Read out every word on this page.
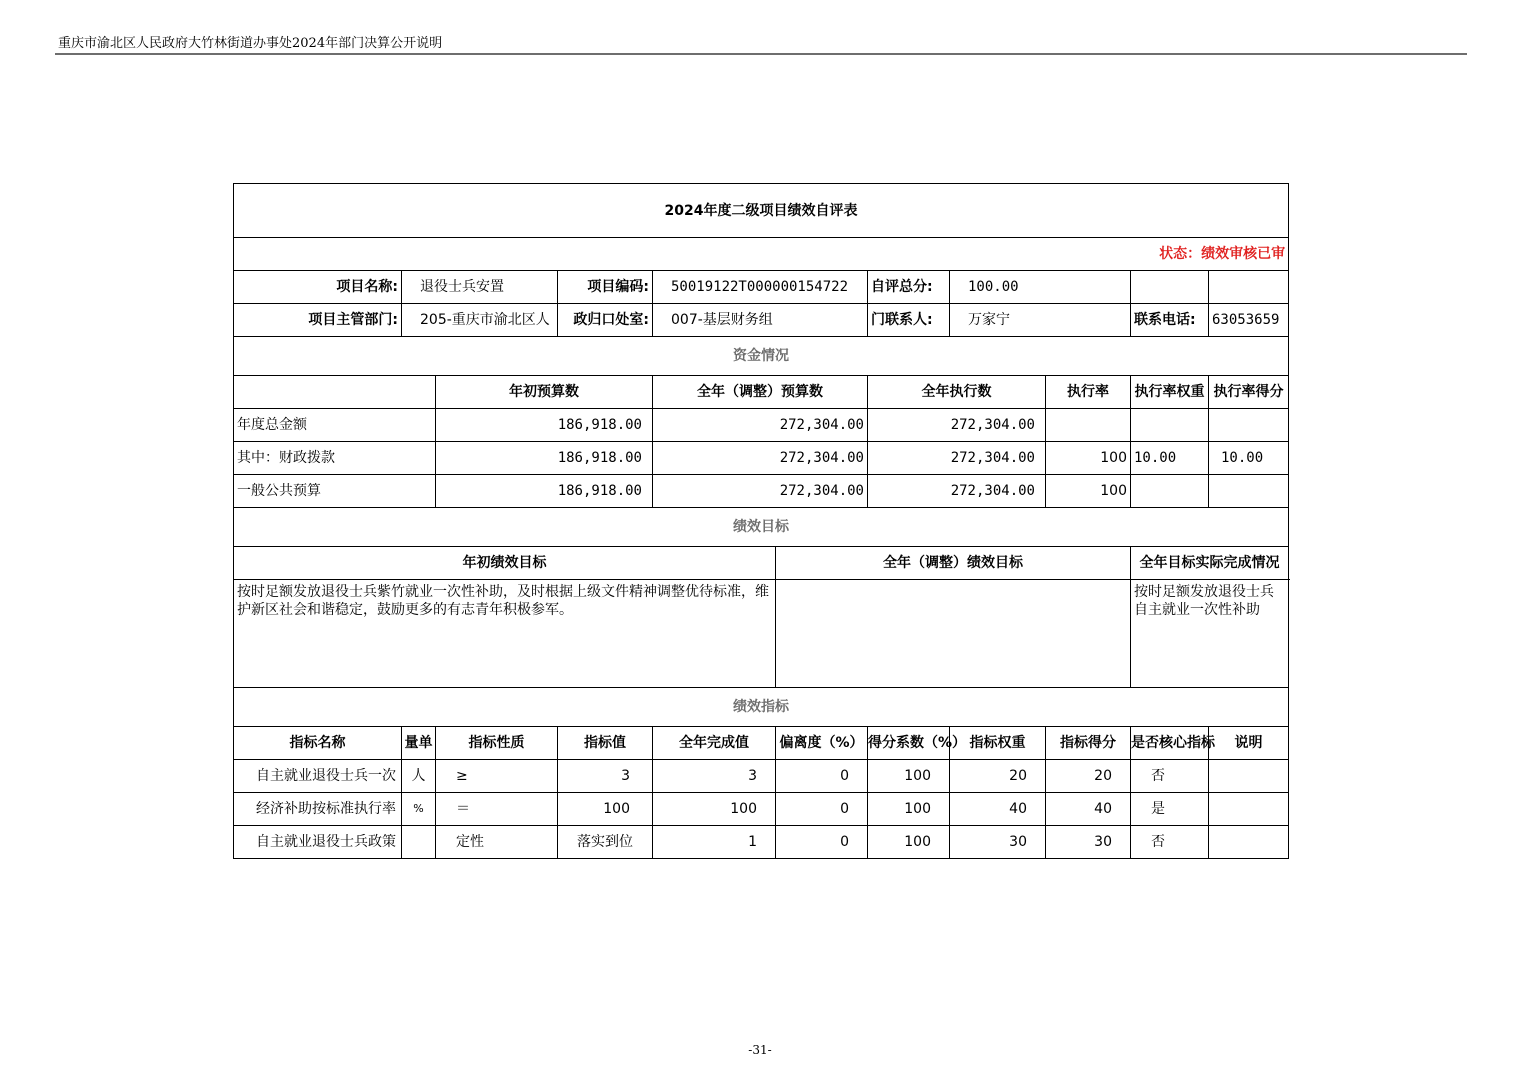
重庆市渝北区人民政府大竹林街道办事处2024年部门决算公开说明
2024年度二级项目绩效自评表										
状态：绩效审核已审										
项目名称:	退役士兵安置		项目编码:	50019122T000000154722		自评总分:	100.00			
项目主管部门:	205-重庆市渝北区人		政归口处室:	007-基层财务组		门联系人:	万家宁		联系电话:	63053659
资金情况										
		年初预算数		全年（调整）预算数		全年执行数		执行率	执行率权重	执行率得分
年度总金额		186,918.00		272,304.00		272,304.00				
其中：财政拨款		186,918.00		272,304.00		272,304.00		100	10.00	10.00
一般公共预算		186,918.00		272,304.00		272,304.00		100		
绩效目标										
年初绩效目标					全年（调整）绩效目标				全年目标实际完成情况	
按时足额发放退役士兵紫竹就业一次性补助，及时根据上级文件精神调整优待标准，维护新区社会和谐稳定，鼓励更多的有志青年积极参军。									按时足额发放退役士兵自主就业一次性补助	
绩效指标										
指标名称	量单	指标性质	指标值	全年完成值	偏离度（%）	得分系数（%）	指标权重	指标得分	是否核心指标	说明
自主就业退役士兵一次	人	≥	3	3	0	100	20	20	否	
经济补助按标准执行率	%	＝	100	100	0	100	40	40	是	
自主就业退役士兵政策		定性	落实到位	1	0	100	30	30	否	
-31-
